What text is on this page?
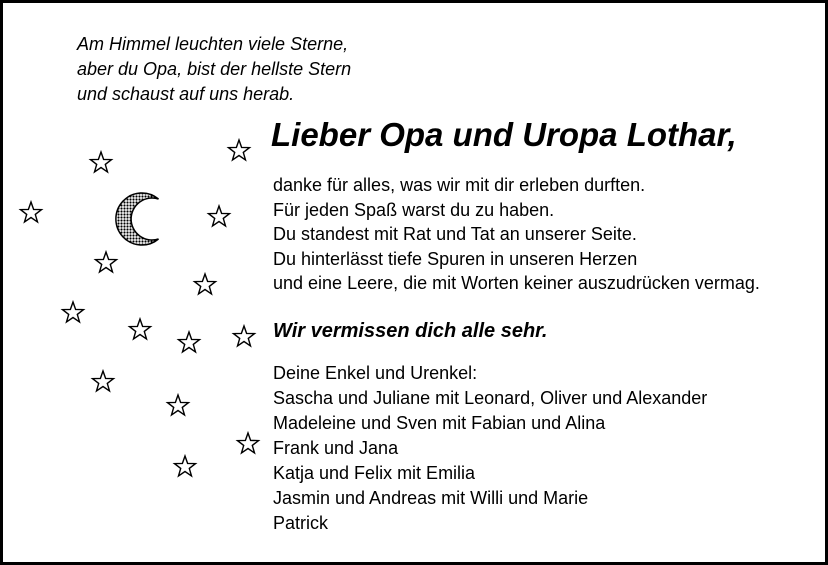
Am Himmel leuchten viele Sterne,
aber du Opa, bist der hellste Stern
und schaust auf uns herab.
Lieber Opa und Uropa Lothar,
danke für alles, was wir mit dir erleben durften.
Für jeden Spaß warst du zu haben.
Du standest mit Rat und Tat an unserer Seite.
Du hinterlässt tiefe Spuren in unseren Herzen
und eine Leere, die mit Worten keiner auszudrücken vermag.
Wir vermissen dich alle sehr.
Deine Enkel und Urenkel:
Sascha und Juliane mit Leonard, Oliver und Alexander
Madeleine und Sven mit Fabian und Alina
Frank und Jana
Katja und Felix mit Emilia
Jasmin und Andreas mit Willi und Marie
Patrick
